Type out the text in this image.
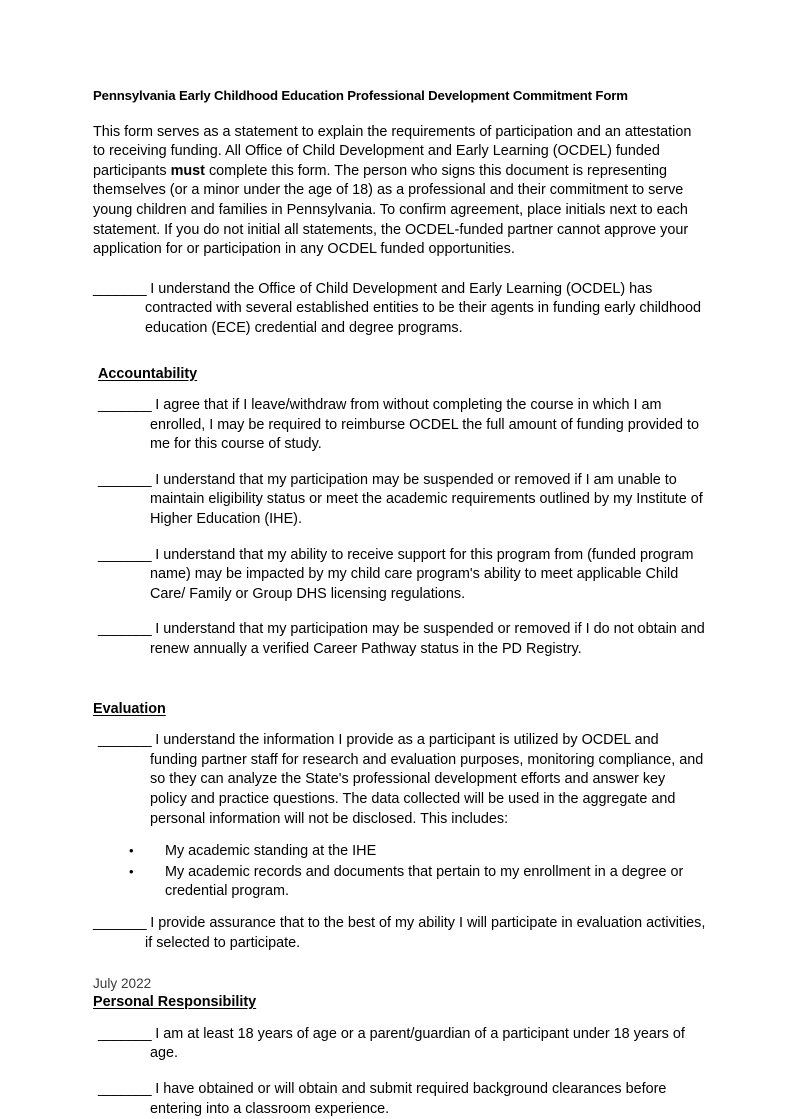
Pennsylvania Early Childhood Education Professional Development Commitment Form

This form serves as a statement to explain the requirements of participation and an attestation to receiving funding. All Office of Child Development and Early Learning (OCDEL) funded participants must complete this form. The person who signs this document is representing themselves (or a minor under the age of 18) as a professional and their commitment to serve young children and families in Pennsylvania. To confirm agreement, place initials next to each statement. If you do not initial all statements, the OCDEL-funded partner cannot approve your application for or participation in any OCDEL funded opportunities.

_______ I understand the Office of Child Development and Early Learning (OCDEL) has contracted with several established entities to be their agents in funding early childhood education (ECE) credential and degree programs.

Accountability

_______ I agree that if I leave/withdraw from without completing the course in which I am enrolled, I may be required to reimburse OCDEL the full amount of funding provided to me for this course of study.

_______ I understand that my participation may be suspended or removed if I am unable to maintain eligibility status or meet the academic requirements outlined by my Institute of Higher Education (IHE).

_______ I understand that my ability to receive support for this program from (funded program name) may be impacted by my child care program's ability to meet applicable Child Care/ Family or Group DHS licensing regulations.

_______ I understand that my participation may be suspended or removed if I do not obtain and renew annually a verified Career Pathway status in the PD Registry.

Evaluation

_______ I understand the information I provide as a participant is utilized by OCDEL and funding partner staff for research and evaluation purposes, monitoring compliance, and so they can analyze the State's professional development efforts and answer key policy and practice questions. The data collected will be used in the aggregate and personal information will not be disclosed. This includes:

• My academic standing at the IHE
• My academic records and documents that pertain to my enrollment in a degree or credential program.

_______ I provide assurance that to the best of my ability I will participate in evaluation activities, if selected to participate.

Personal Responsibility

_______ I am at least 18 years of age or a parent/guardian of a participant under 18 years of age.

_______ I have obtained or will obtain and submit required background clearances before entering into a classroom experience.

July 2022
